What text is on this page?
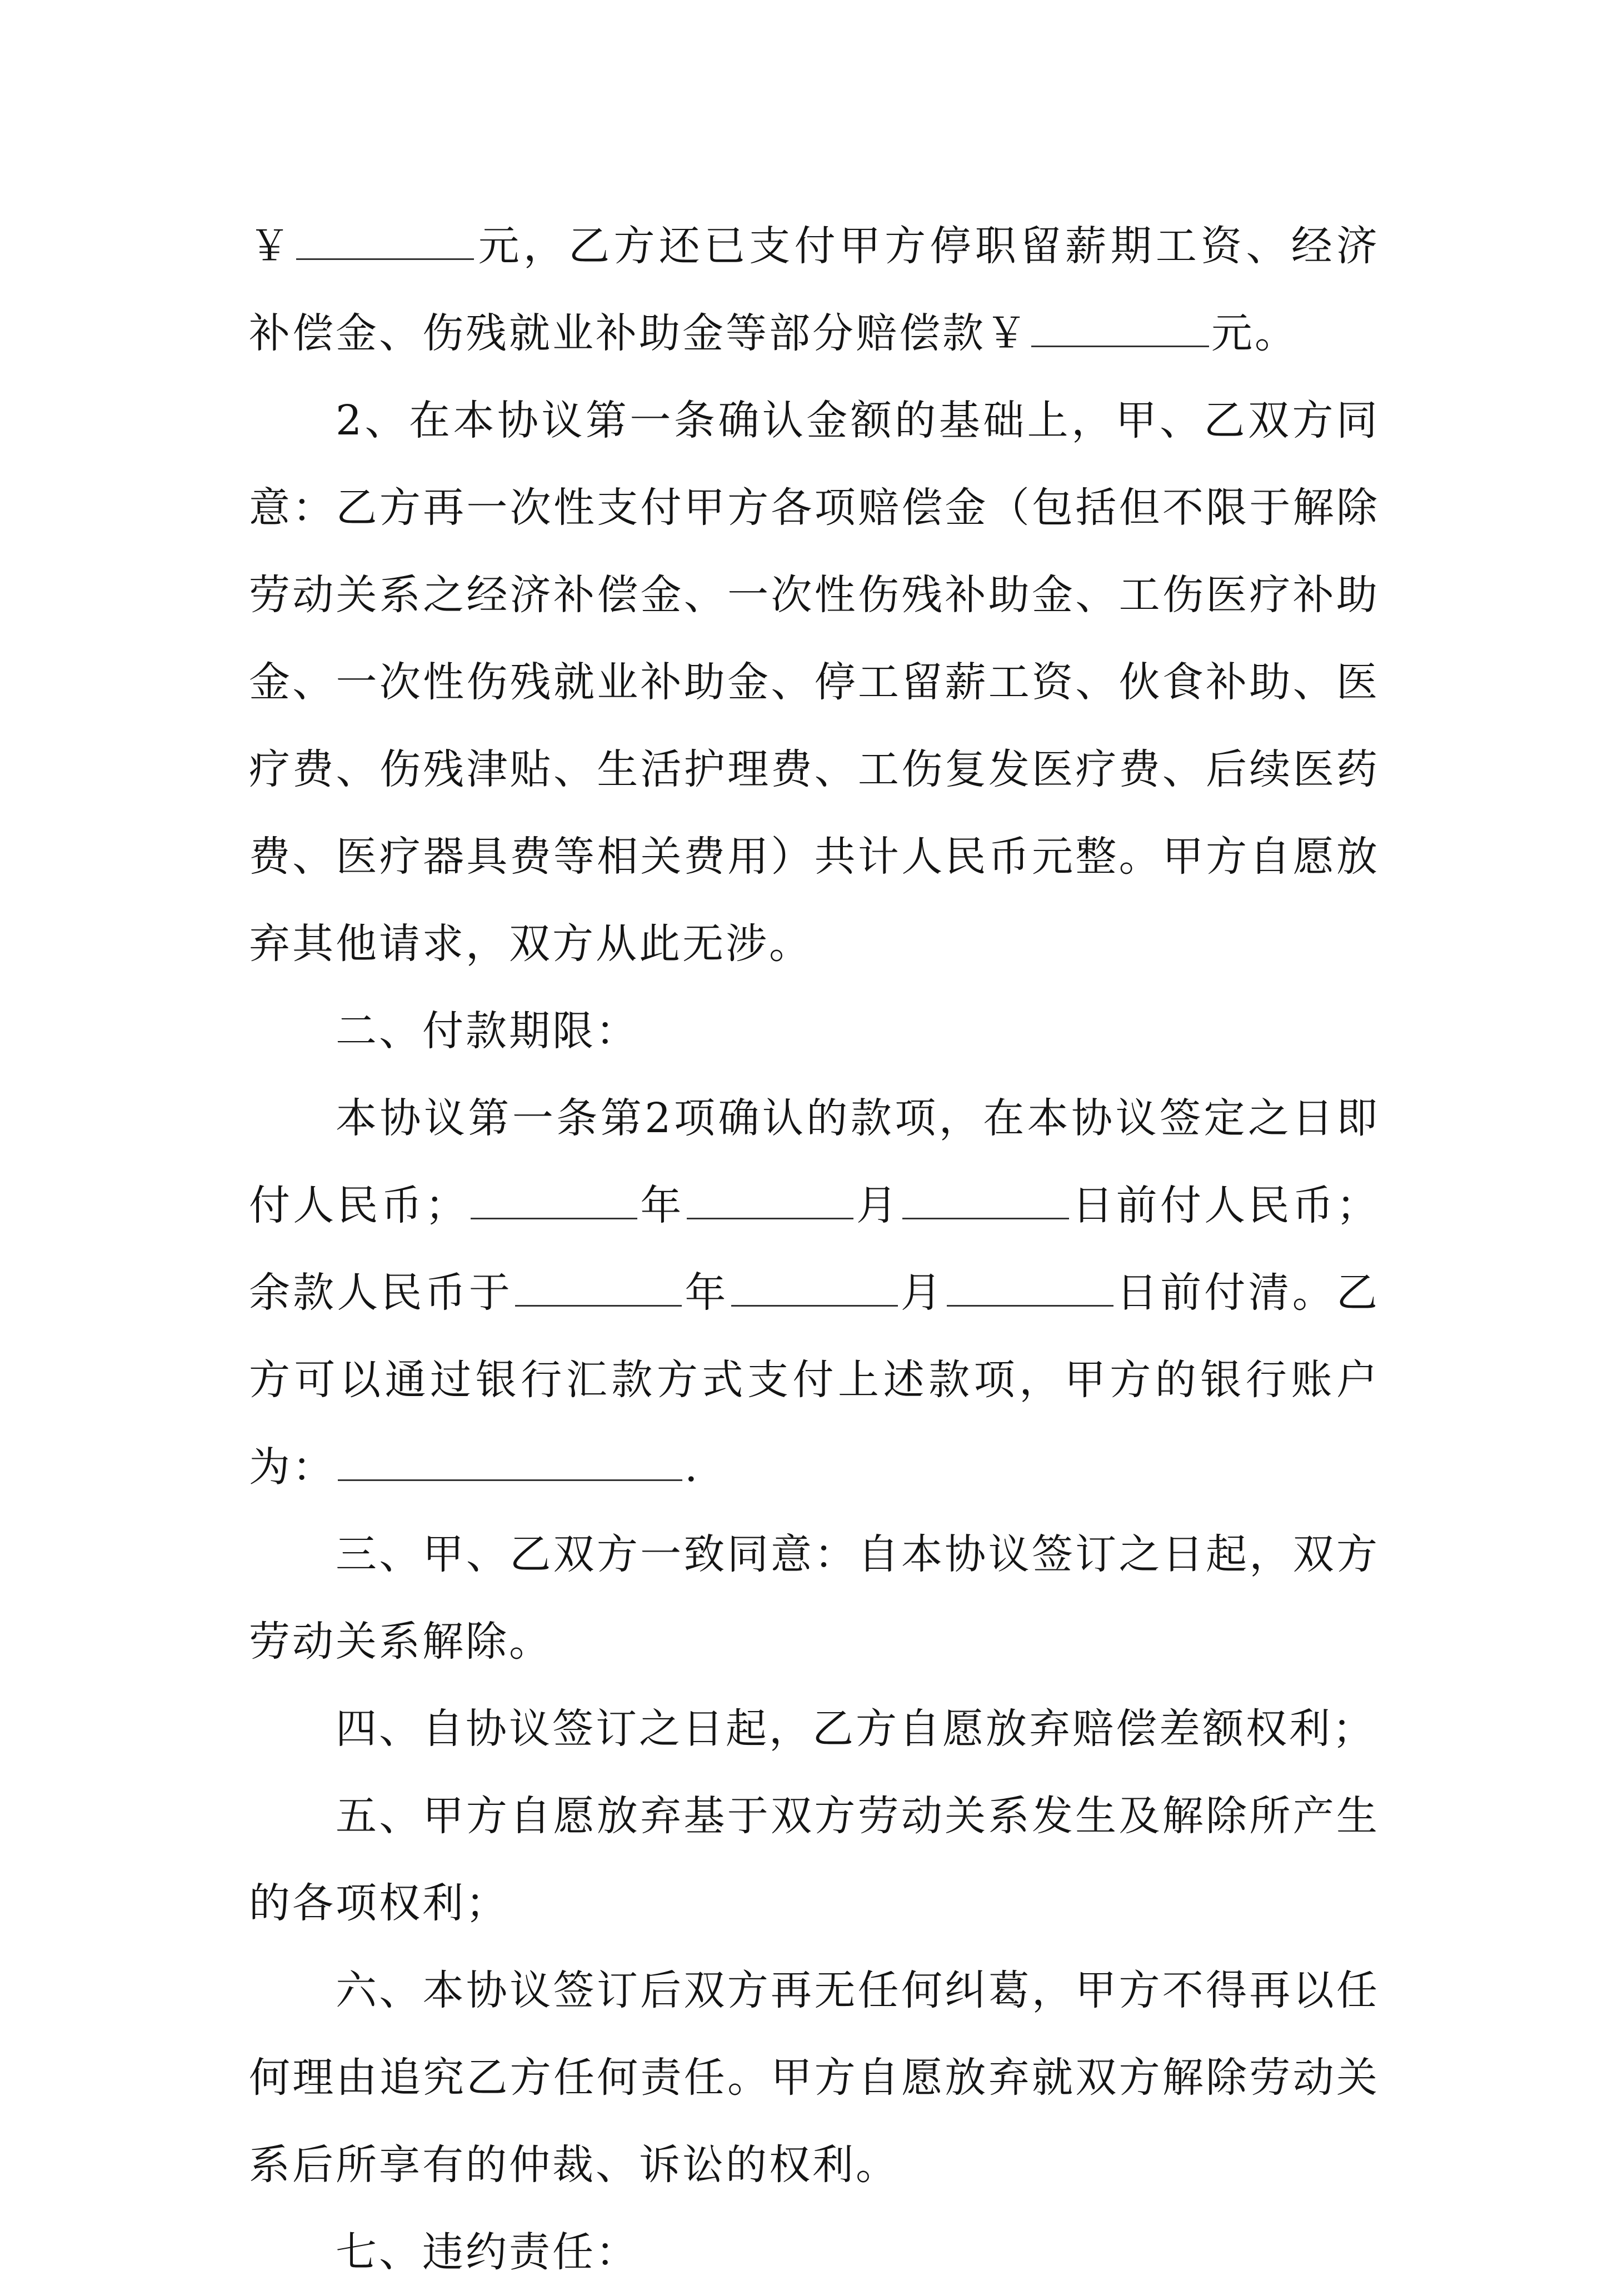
￥	元，乙方还已支付甲方停职留薪期工资、经济补偿金、伤残就业补助金等部分赔偿款￥	元。

2、在本协议第一条确认金额的基础上，甲、乙双方同意：乙方再一次性支付甲方各项赔偿金（包括但不限于解除劳动关系之经济补偿金、一次性伤残补助金、工伤医疗补助金、一次性伤残就业补助金、停工留薪工资、伙食补助、医疗费、伤残津贴、生活护理费、工伤复发医疗费、后续医药费、医疗器具费等相关费用）共计人民币元整。甲方自愿放弃其他请求，双方从此无涉。

二、付款期限：

本协议第一条第2项确认的款项，在本协议签定之日即付人民币；	年	月	日前付人民币；余款人民币于	年	月	日前付清。乙方可以通过银行汇款方式支付上述款项，甲方的银行账户为：	.

三、甲、乙双方一致同意：自本协议签订之日起，双方劳动关系解除。

四、自协议签订之日起，乙方自愿放弃赔偿差额权利；

五、甲方自愿放弃基于双方劳动关系发生及解除所产生的各项权利；

六、本协议签订后双方再无任何纠葛，甲方不得再以任何理由追究乙方任何责任。甲方自愿放弃就双方解除劳动关系后所享有的仲裁、诉讼的权利。

七、违约责任：
